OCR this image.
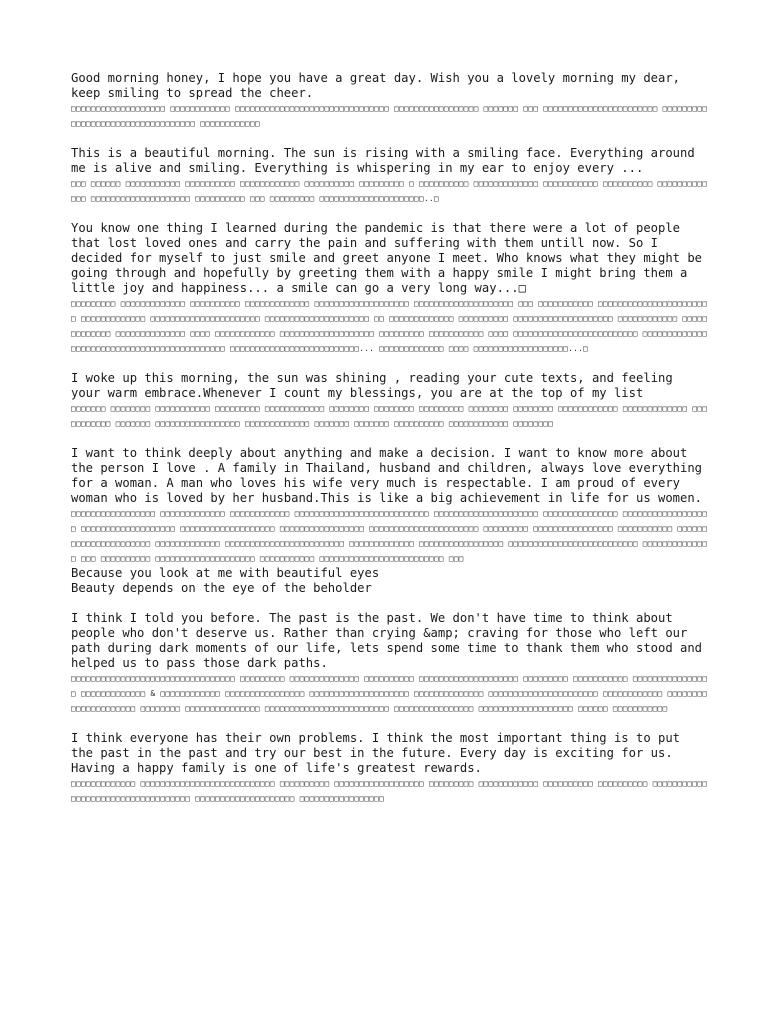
Good morning honey, I hope you have a great day. Wish you a lovely morning my dear, keep smiling to spread the cheer.
□□□□□□□□□□□□□□□□□□□ □□□□□□□□□□□□ □□□□□□□□□□□□□□□□□□□□□□□□□□□□□□□ □□□□□□□□□□□□□□□□□ □□□□□□□ □□□ □□□□□□□□□□□□□□□□□□□□□□□ □□□□□□□□□□□□□□□□□□□□□□□□□□□□□□□□□□ □□□□□□□□□□□□
This is a beautiful morning. The sun is rising with a smiling face. Everything around me is alive and smiling. Everything is whispering in my ear to enjoy every ...
□□□ □□□□□□ □□□□□□□□□□□ □□□□□□□□□□ □□□□□□□□□□□□ □□□□□□□□□□ □□□□□□□□□ □ □□□□□□□□□□ □□□□□□□□□□□□□ □□□□□□□□□□□ □□□□□□□□□□ □□□□□□□□□□□□□ □□□□□□□□□□□□□□□□□□□□ □□□□□□□□□□ □□□ □□□□□□□□□ □□□□□□□□□□□□□□□□□□□□□..□
You know one thing I learned during the pandemic is that there were a lot of people that lost loved ones and carry the pain and suffering with them untill now. So I decided for myself to just smile and greet anyone I meet. Who knows what they might be going through and hopefully by greeting them with a happy smile I might bring them a little joy and happiness... a smile can go a very long way...□
□□□□□□□□□ □□□□□□□□□□□□□ □□□□□□□□□□ □□□□□□□□□□□□□ □□□□□□□□□□□□□□□□□□□ □□□□□□□□□□□□□□□□□□□□ □□□ □□□□□□□□□□□ □□□□□□□□□□□□□□□□□□□□□□□ □□□□□□□□□□□□□ □□□□□□□□□□□□□□□□□□□□□□ □□□□□□□□□□□□□□□□□□□□□ □□ □□□□□□□□□□□□□ □□□□□□□□□□ □□□□□□□□□□□□□□□□□□□□ □□□□□□□□□□□□ □□□□□□□□□□□□□ □□□□□□□□□□□□□□ □□□□ □□□□□□□□□□□□ □□□□□□□□□□□□□□□□□□□ □□□□□□□□□ □□□□□□□□□□□ □□□□ □□□□□□□□□□□□□□□□□□□□□□□□□ □□□□□□□□□□□□□ □□□□□□□□□□□□□□□□□□□□□□□□□□□□□□□ □□□□□□□□□□□□□□□□□□□□□□□□□□... □□□□□□□□□□□□□ □□□□ □□□□□□□□□□□□□□□□□□□...□
I woke up this morning, the sun was shining , reading your cute texts, and feeling your warm embrace.Whenever I count my blessings, you are at the top of my list
□□□□□□□ □□□□□□□□ □□□□□□□□□□□ □□□□□□□□□ □□□□□□□□□□□□ □□□□□□□□ □□□□□□□□ □□□□□□□□□ □□□□□□□□ □□□□□□□□ □□□□□□□□□□□□ □□□□□□□□□□□□□ □□□□□□□□□□□ □□□□□□□ □□□□□□□□□□□□□□□□□ □□□□□□□□□□□□□ □□□□□□□ □□□□□□□ □□□□□□□□□□ □□□□□□□□□□□□ □□□□□□□□
I want to think deeply about anything and make a decision. I want to know more about the person I love . A family in Thailand, husband and children, always love everything for a woman. A man who loves his wife very much is respectable. I am proud of every woman who is loved by her husband.This is like a big achievement in life for us women.
□□□□□□□□□□□□□□□□□ □□□□□□□□□□□□□ □□□□□□□□□□□□ □□□□□□□□□□□□□□□□□□□□□□□□□□□ □□□□□□□□□□□□□□□□□□□□□ □□□□□□□□□□□□□□□ □□□□□□□□□□□□□□□□□□ □□□□□□□□□□□□□□□□□□□ □□□□□□□□□□□□□□□□□□□ □□□□□□□□□□□□□□□□□ □□□□□□□□□□□□□□□□□□□□□□ □□□□□□□□□ □□□□□□□□□□□□□□□□ □□□□□□□□□□□ □□□□□□□□□□□□□□□□□□□□□□ □□□□□□□□□□□□□ □□□□□□□□□□□□□□□□□□□□□□□□ □□□□□□□□□□□□□ □□□□□□□□□□□□□□□□□ □□□□□□□□□□□□□□□□□□□□□□□□□□ □□□□□□□□□□□□□□ □□□ □□□□□□□□□□ □□□□□□□□□□□□□□□□□□□□ □□□□□□□□□□□ □□□□□□□□□□□□□□□□□□□□□□□□□ □□□
Because you look at me with beautiful eyes
Beauty depends on the eye of the beholder
I think I told you before. The past is the past. We don't have time to think about people who don't deserve us. Rather than crying &amp; craving for those who left our path during dark moments of our life, lets spend some time to thank them who stood and helped us to pass those dark paths.
□□□□□□□□□□□□□□□□□□□□□□□□□□□□□□□□□ □□□□□□□□□ □□□□□□□□□□□□□□ □□□□□□□□□□ □□□□□□□□□□□□□□□□□□□□ □□□□□□□□□ □□□□□□□□□□□ □□□□□□□□□□□□□□□□ □□□□□□□□□□□□□ & □□□□□□□□□□□□ □□□□□□□□□□□□□□□□ □□□□□□□□□□□□□□□□□□□□ □□□□□□□□□□□□□□ □□□□□□□□□□□□□□□□□□□□□□ □□□□□□□□□□□□ □□□□□□□□□□□□□□□□□□□□□ □□□□□□□□ □□□□□□□□□□□□□□□ □□□□□□□□□□□□□□□□□□□□□□□□□ □□□□□□□□□□□□□□□□ □□□□□□□□□□□□□□□□□□□ □□□□□□ □□□□□□□□□□□
I think everyone has their own problems. I think the most important thing is to put the past in the past and try our best in the future. Every day is exciting for us. Having a happy family is one of life's greatest rewards.
□□□□□□□□□□□□□ □□□□□□□□□□□□□□□□□□□□□□□□□□□ □□□□□□□□□□ □□□□□□□□□□□□□□□□□□ □□□□□□□□□ □□□□□□□□□□□□ □□□□□□□□□□ □□□□□□□□□□ □□□□□□□□□□□□□□□□□□□□□□□□□□□□□□□□□□□ □□□□□□□□□□□□□□□□□□□□ □□□□□□□□□□□□□□□□□
